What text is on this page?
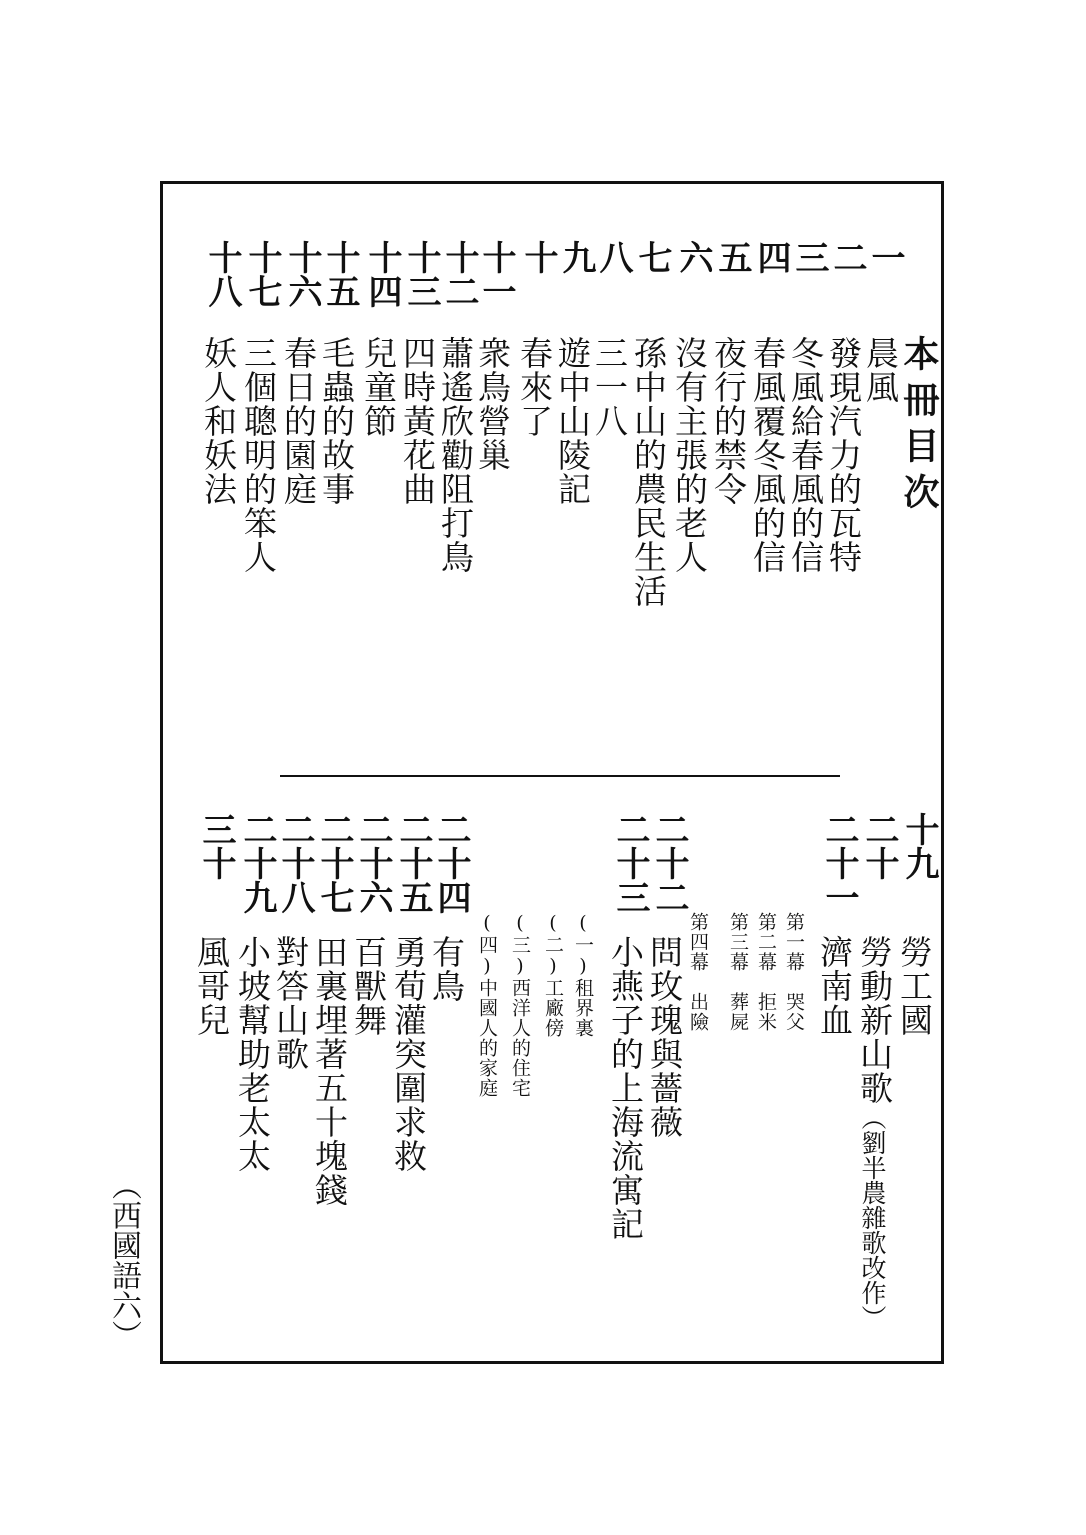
本冊目次
一
二
三
四
五
六
七
八
九
十
十一
十二
十三
十四
十五
十六
十七
十八
晨風
發現汽力的瓦特
冬風給春風的信
春風覆冬風的信
夜行的禁令
沒有主張的老人
孫中山的農民生活
三一八
遊中山陵記
春來了
衆鳥營巢
蕭遙欣勸阻打鳥
四時黃花曲
兒童節
毛蟲的故事
春日的園庭
三個聰明的笨人
妖人和妖法
十九
勞工國
二十
勞動新山歌
（劉半農雜歌改作）
二十一
濟南血
第一幕　哭父
第二幕　拒米
第三幕　葬屍
第四幕　出險
二十二
問玫瑰與薔薇
二十三
小燕子的上海流寓記
(一)租界裏
(二)工廠傍
(三)西洋人的住宅
(四)中國人的家庭
二十四
有鳥
二十五
勇荀灌突圍求救
二十六
百獸舞
二十七
田裏埋著五十塊錢
二十八
對答山歌
二十九
小坡幫助老太太
三十
風哥兒
（西國語六）
